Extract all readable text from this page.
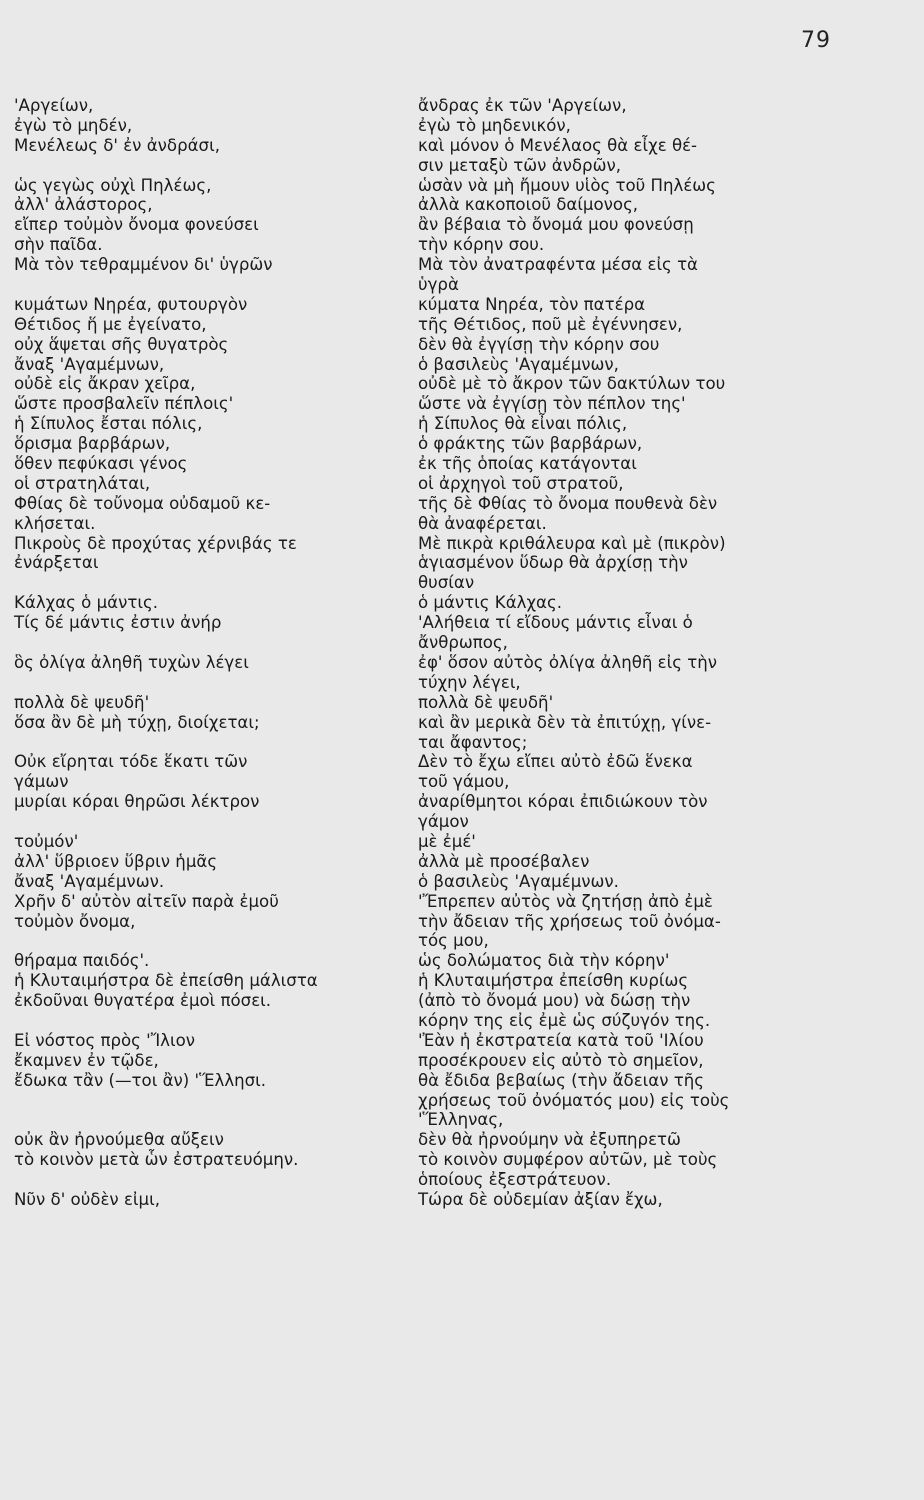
79
'Αργείων,
ἐγὼ τὸ μηδέν,
Μενέλεως δ' ἐν ἀνδράσι,
ὡς γεγὼς οὐχὶ Πηλέως,
ἀλλ' ἀλάστορος,
εἴπερ τοὐμὸν ὄνομα φονεύσει
σὴν παῖδα.
Μὰ τὸν τεθραμμένον δι' ὑγρῶν
κυμάτων Νηρέα, φυτουργὸν
Θέτιδος ἥ με ἐγείνατο,
οὐχ ἅψεται σῆς θυγατρὸς
ἄναξ 'Αγαμέμνων,
οὐδὲ εἰς ἄκραν χεῖρα,
ὥστε προσβαλεῖν πέπλοις'
ἡ Σίπυλος ἔσται πόλις,
ὅρισμα βαρβάρων,
ὅθεν πεφύκασι γένος
οἱ στρατηλάται,
Φθίας δὲ τοὔνομα οὐδαμοῦ κε-
κλήσεται.
Πικροὺς δὲ προχύτας χέρνιβάς τε
ἐνάρξεται
Κάλχας ὁ μάντις.
Τίς δέ μάντις ἐστιν ἀνήρ
ὃς ὀλίγα ἀληθῆ τυχὼν λέγει
πολλὰ δὲ ψευδῆ'
ὅσα ἂν δὲ μὴ τύχῃ, διοίχεται;
Οὐκ εἴρηται τόδε ἕκατι τῶν
γάμων
μυρίαι κόραι θηρῶσι λέκτρον
τοὐμόν'
ἀλλ' ὕβριοεν ὕβριν ἡμᾶς
ἄναξ 'Αγαμέμνων.
Χρῆν δ' αὐτὸν αἰτεῖν παρὰ ἐμοῦ
τοὐμὸν ὄνομα,
θήραμα παιδός'.
ἡ Κλυταιμήστρα δὲ ἐπείσθη μάλιστα
ἐκδοῦναι θυγατέρα ἐμοὶ πόσει.
Εἰ νόστος πρὸς 'Ἴλιον
ἔκαμνεν ἐν τῷδε,
ἔδωκα τἂν (—τοι ἂν) 'Ἕλλησι.
οὐκ ἂν ἠρνούμεθα αὔξειν
τὸ κοινὸν μετὰ ὧν ἐστρατευόμην.
Νῦν δ' οὐδὲν εἰμι,
ἄνδρας ἐκ τῶν 'Αργείων,
ἐγὼ τὸ μηδενικόν,
καὶ μόνον ὁ Μενέλαος θὰ εἶχε θέ-
σιν μεταξὺ τῶν ἀνδρῶν,
ὡσὰν νὰ μὴ ἤμουν υἱὸς τοῦ Πηλέως
ἀλλὰ κακοποιοῦ δαίμονος,
ἂν βέβαια τὸ ὄνομά μου φονεύσῃ
τὴν κόρην σου.
Μὰ τὸν ἀνατραφέντα μέσα εἰς τὰ
ὑγρὰ
κύματα Νηρέα, τὸν πατέρα
τῆς Θέτιδος, ποῦ μὲ ἐγέννησεν,
δὲν θὰ ἐγγίσῃ τὴν κόρην σου
ὁ βασιλεὺς 'Αγαμέμνων,
οὐδὲ μὲ τὸ ἄκρον τῶν δακτύλων του
ὥστε νὰ ἐγγίσῃ τὸν πέπλον της'
ἡ Σίπυλος θὰ εἶναι πόλις,
ὁ φράκτης τῶν βαρβάρων,
ἐκ τῆς ὁποίας κατάγονται
οἱ ἀρχηγοὶ τοῦ στρατοῦ,
τῆς δὲ Φθίας τὸ ὄνομα πουθενὰ δὲν
θὰ ἀναφέρεται.
Μὲ πικρὰ κριθάλευρα καὶ μὲ (πικρὸν)
ἁγιασμένον ὕδωρ θὰ ἀρχίσῃ τὴν
θυσίαν
ὁ μάντις Κάλχας.
'Αλήθεια τί εἴδους μάντις εἶναι ὁ
ἄνθρωπος,
ἐφ' ὅσον αὐτὸς ὀλίγα ἀληθῆ εἰς τὴν
τύχην λέγει,
πολλὰ δὲ ψευδῆ'
καὶ ἂν μερικὰ δὲν τὰ ἐπιτύχῃ, γίνε-
ται ἄφαντος;
Δὲν τὸ ἔχω εἴπει αὐτὸ ἐδῶ ἕνεκα
τοῦ γάμου,
ἀναρίθμητοι κόραι ἐπιδιώκουν τὸν
γάμον
μὲ ἐμέ'
ἀλλὰ μὲ προσέβαλεν
ὁ βασιλεὺς 'Αγαμέμνων.
'Ἔπρεπεν αὐτὸς νὰ ζητήσῃ ἀπὸ ἐμὲ
τὴν ἄδειαν τῆς χρήσεως τοῦ ὀνόμα-
τός μου,
ὡς δολώματος διὰ τὴν κόρην'
ἡ Κλυταιμήστρα ἐπείσθη κυρίως
(ἀπὸ τὸ ὄνομά μου) νὰ δώσῃ τὴν
κόρην της εἰς ἐμὲ ὡς σύζυγόν της.
'Ἐὰν ἡ ἐκστρατεία κατὰ τοῦ 'Ιλίου
προσέκρουεν εἰς αὐτὸ τὸ σημεῖον,
θὰ ἔδιδα βεβαίως (τὴν ἄδειαν τῆς
χρήσεως τοῦ ὀνόματός μου) εἰς τοὺς
'Ἕλληνας,
δὲν θὰ ἠρνούμην νὰ ἐξυπηρετῶ
τὸ κοινὸν συμφέρον αὐτῶν, μὲ τοὺς
ὁποίους ἐξεστράτευον.
Τώρα δὲ οὐδεμίαν ἀξίαν ἔχω,
